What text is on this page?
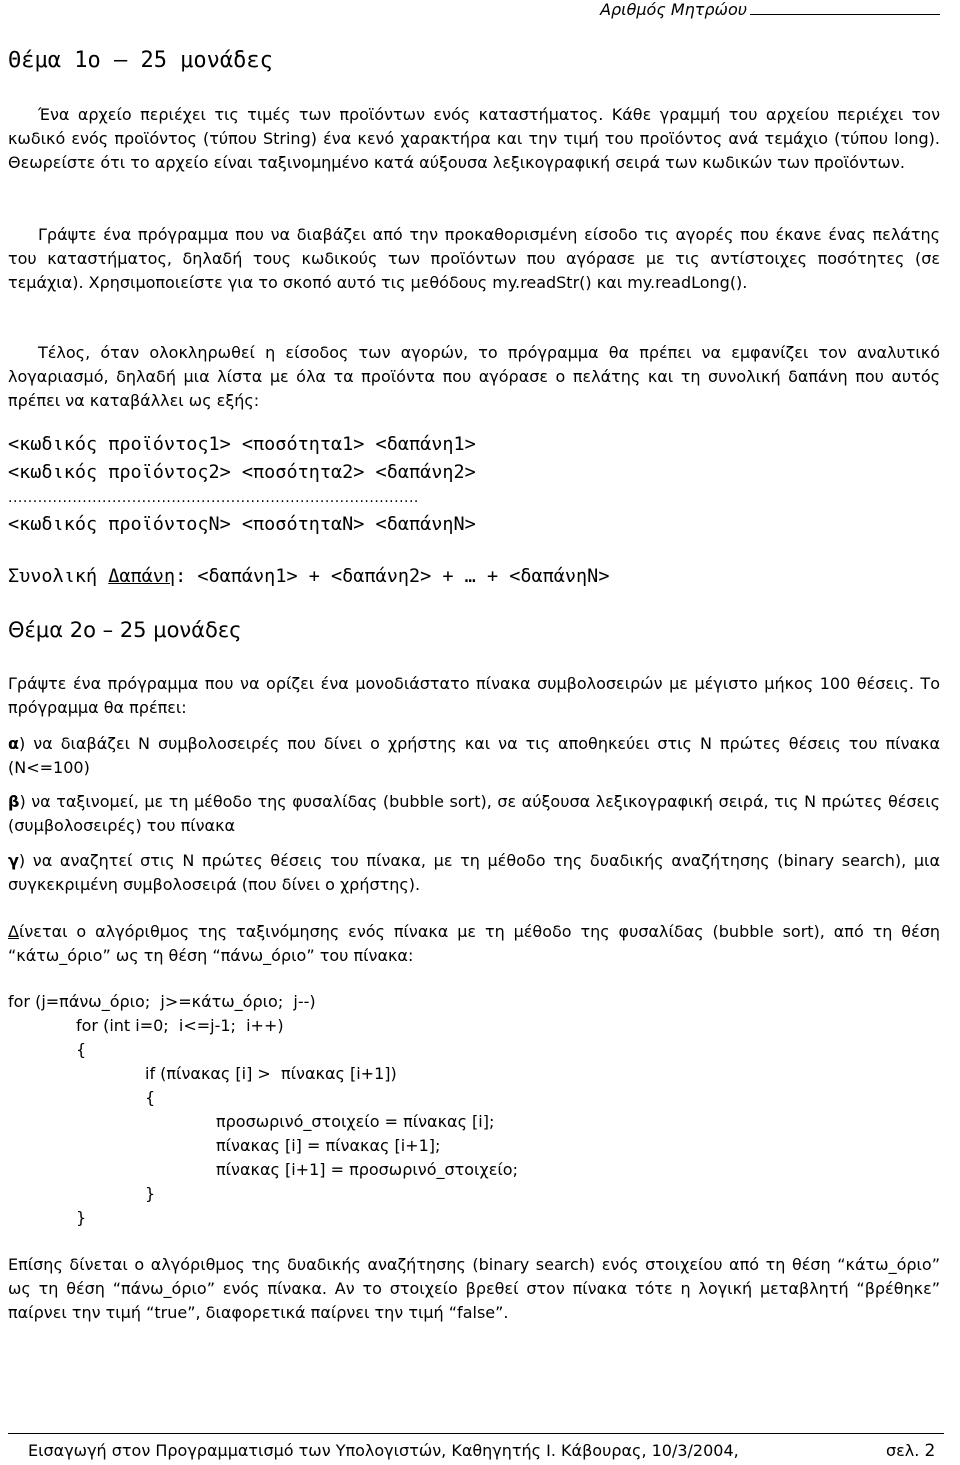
Αριθμός Μητρώου
Θέμα 1ο – 25 μονάδες

Ένα αρχείο περιέχει τις τιμές των προϊόντων ενός καταστήματος. Κάθε γραμμή του αρχείου περιέχει τον κωδικό ενός προϊόντος (τύπου String) ένα κενό χαρακτήρα και την τιμή του προϊόντος ανά τεμάχιο (τύπου long). Θεωρείστε ότι το αρχείο είναι ταξινομημένο κατά αύξουσα λεξικογραφική σειρά των κωδικών των προϊόντων.

Γράψτε ένα πρόγραμμα που να διαβάζει από την προκαθορισμένη είσοδο τις αγορές που έκανε ένας πελάτης του καταστήματος, δηλαδή τους κωδικούς των προϊόντων που αγόρασε με τις αντίστοιχες ποσότητες (σε τεμάχια). Χρησιμοποιείστε για το σκοπό αυτό τις μεθόδους my.readStr() και my.readLong().

Τέλος, όταν ολοκληρωθεί η είσοδος των αγορών, το πρόγραμμα θα πρέπει να εμφανίζει τον αναλυτικό λογαριασμό, δηλαδή μια λίστα με όλα τα προϊόντα που αγόρασε ο πελάτης και τη συνολική δαπάνη που αυτός πρέπει να καταβάλλει ως εξής:

<κωδικός προϊόντος1> <ποσότητα1> <δαπάνη1>
<κωδικός προϊόντος2> <ποσότητα2> <δαπάνη2>
...................................................................................
<κωδικός προϊόντοςN> <ποσότηταN> <δαπάνηN>
Συνολική Δαπάνη: <δαπάνη1> + <δαπάνη2> + … + <δαπάνηN>
Θέμα 2ο – 25 μονάδες

Γράψτε ένα πρόγραμμα που να ορίζει ένα μονοδιάστατο πίνακα συμβολοσειρών με μέγιστο μήκος 100 θέσεις. Το πρόγραμμα θα πρέπει:

α) να διαβάζει N συμβολοσειρές που δίνει ο χρήστης και να τις αποθηκεύει στις N πρώτες θέσεις του πίνακα (N<=100)

β) να ταξινομεί, με τη μέθοδο της φυσαλίδας (bubble sort), σε αύξουσα λεξικογραφική σειρά, τις N πρώτες θέσεις (συμβολοσειρές) του πίνακα

γ) να αναζητεί στις N πρώτες θέσεις του πίνακα, με τη μέθοδο της δυαδικής αναζήτησης (binary search), μια συγκεκριμένη συμβολοσειρά (που δίνει ο χρήστης).

Δίνεται ο αλγόριθμος της ταξινόμησης ενός πίνακα με τη μέθοδο της φυσαλίδας (bubble sort), από τη θέση “κάτω_όριο” ως τη θέση “πάνω_όριο” του πίνακα:

for (j=πάνω_όριο;  j>=κάτω_όριο;  j--)
for (int i=0;  i<=j-1;  i++)
{
if (πίνακας [i] >  πίνακας [i+1])
{
προσωρινό_στοιχείο = πίνακας [i];
πίνακας [i] = πίνακας [i+1];
πίνακας [i+1] = προσωρινό_στοιχείο;
}
}

Επίσης δίνεται ο αλγόριθμος της δυαδικής αναζήτησης (binary search) ενός στοιχείου από τη θέση “κάτω_όριο” ως τη θέση “πάνω_όριο” ενός πίνακα. Αν το στοιχείο βρεθεί στον πίνακα τότε η λογική μεταβλητή “βρέθηκε” παίρνει την τιμή “true”, διαφορετικά παίρνει την τιμή “false”.

Εισαγωγή στον Προγραμματισμό των Υπολογιστών, Καθηγητής Ι. Κάβουρας, 10/3/2004,	σελ. 2
